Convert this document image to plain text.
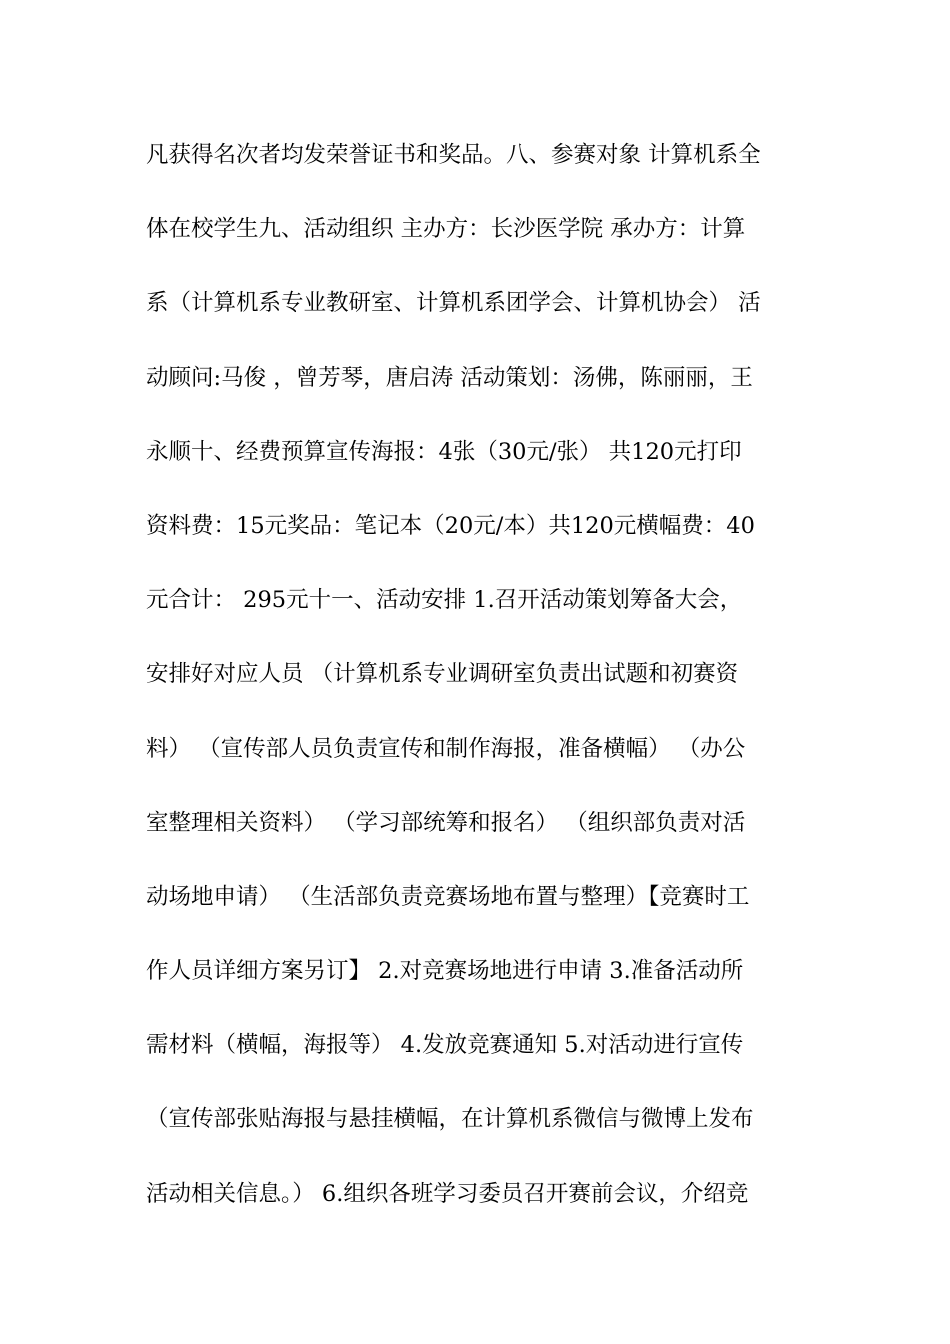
凡获得名次者均发荣誉证书和奖品。八、参赛对象 计算机系全
体在校学生九、活动组织 主办方：长沙医学院 承办方：计算
系（计算机系专业教研室、计算机系团学会、计算机协会） 活
动顾问:马俊 ，曾芳琴，唐启涛 活动策划：汤佛，陈丽丽，王
永顺十、经费预算宣传海报：4张（30元/张） 共120元打印
资料费：15元奖品：笔记本（20元/本）共120元横幅费：40
元合计： 295元十一、活动安排 1.召开活动策划筹备大会，
安排好对应人员 （计算机系专业调研室负责出试题和初赛资
料） （宣传部人员负责宣传和制作海报，准备横幅） （办公
室整理相关资料） （学习部统筹和报名） （组织部负责对活
动场地申请） （生活部负责竞赛场地布置与整理）【竞赛时工
作人员详细方案另订】 2.对竞赛场地进行申请 3.准备活动所
需材料（横幅，海报等） 4.发放竞赛通知 5.对活动进行宣传
（宣传部张贴海报与悬挂横幅，在计算机系微信与微博上发布
活动相关信息。） 6.组织各班学习委员召开赛前会议，介绍竞
